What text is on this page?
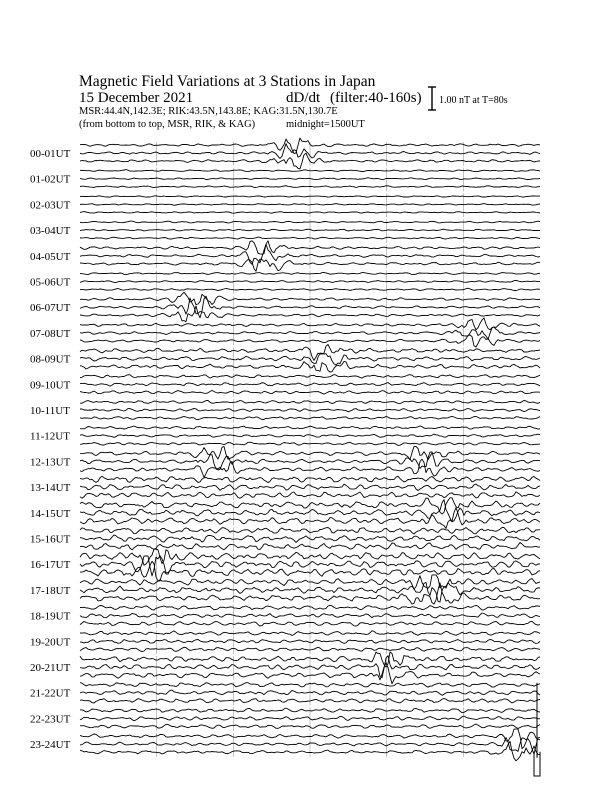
Magnetic Field Variations at 3 Stations in Japan
15 December 2021	dD/dt (filter:40-160s)
MSR:44.4N,142.3E; RIK:43.5N,143.8E; KAG:31.5N,130.7E
(from bottom to top, MSR, RIK, & KAG)	midnight=1500UT
1.00 nT at T=80s
00-01UT
01-02UT
02-03UT
03-04UT
04-05UT
05-06UT
06-07UT
07-08UT
08-09UT
09-10UT
10-11UT
11-12UT
12-13UT
13-14UT
14-15UT
15-16UT
16-17UT
17-18UT
18-19UT
19-20UT
20-21UT
21-22UT
22-23UT
23-24UT
